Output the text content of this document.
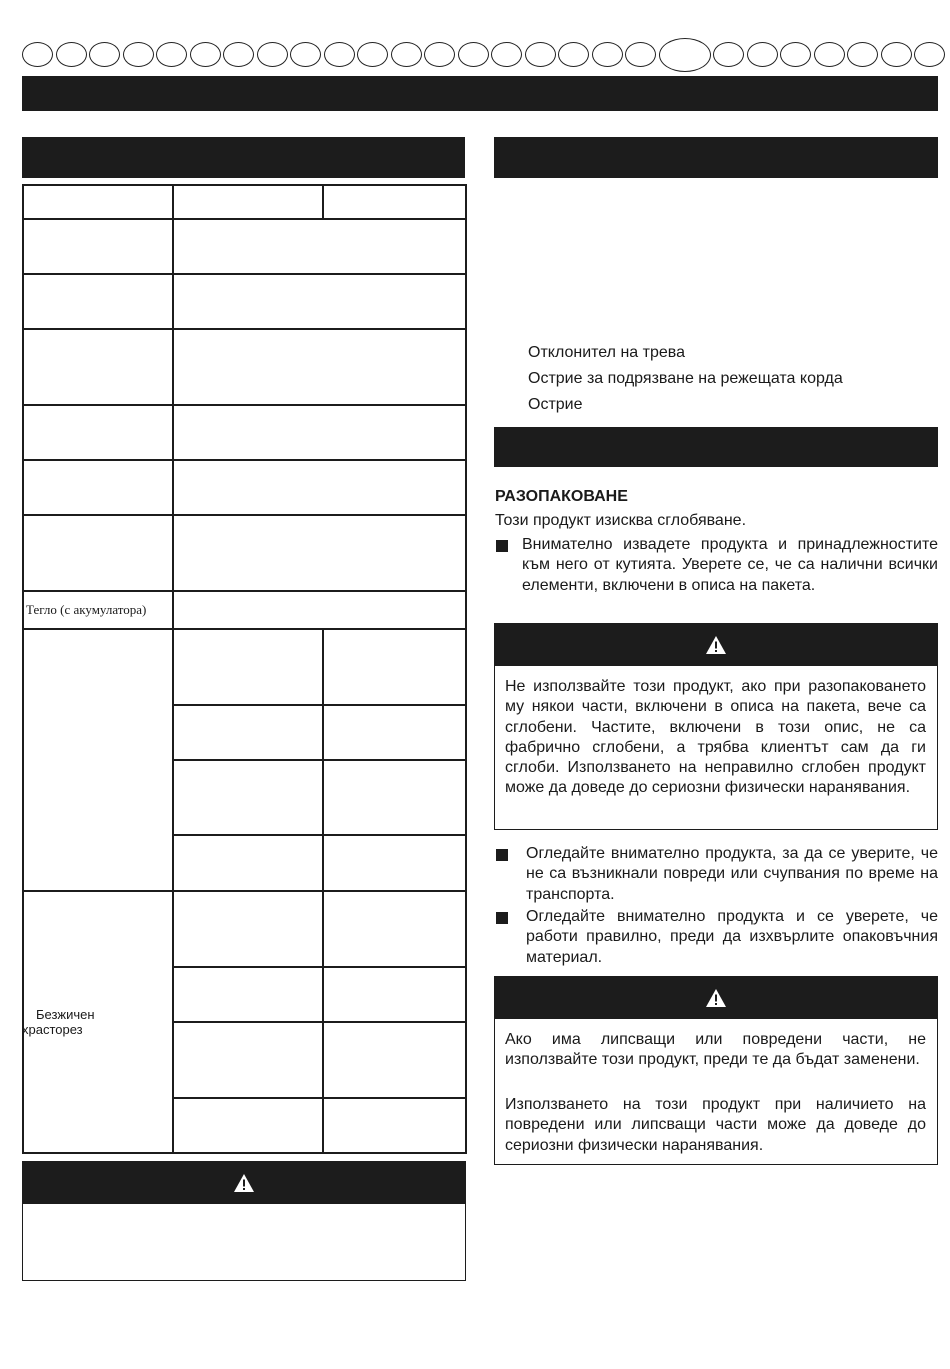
Тегло (с акумулатора)		

Безжичен
храсторез		

Отклонител на трева
Острие за подрязване на режещата корда
Острие
РАЗОПАКОВАНЕ
Този продукт изисква сглобяване.
Внимателно извадете продукта и принадлежностите към него от кутията. Уверете се, че са налични всички елементи, включени в описа на пакета.
Не използвайте този продукт, ако при разопаковането му някои части, включени в описа на пакета, вече са сглобени. Частите, включени в този опис, не са фабрично сглобени, а трябва клиентът сам да ги сглоби. Използването на неправилно сглобен продукт може да доведе до сериозни физически наранявания.
Огледайте внимателно продукта, за да се уверите, че не са възникнали повреди или счупвания по време на транспорта.
Огледайте внимателно продукта и се уверете, че работи правилно, преди да изхвърлите опаковъчния материал.
Ако има липсващи или повредени части, не използвайте този продукт, преди те да бъдат заменени.
Използването на този продукт при наличието на повредени или липсващи части може да доведе до сериозни физически наранявания.
